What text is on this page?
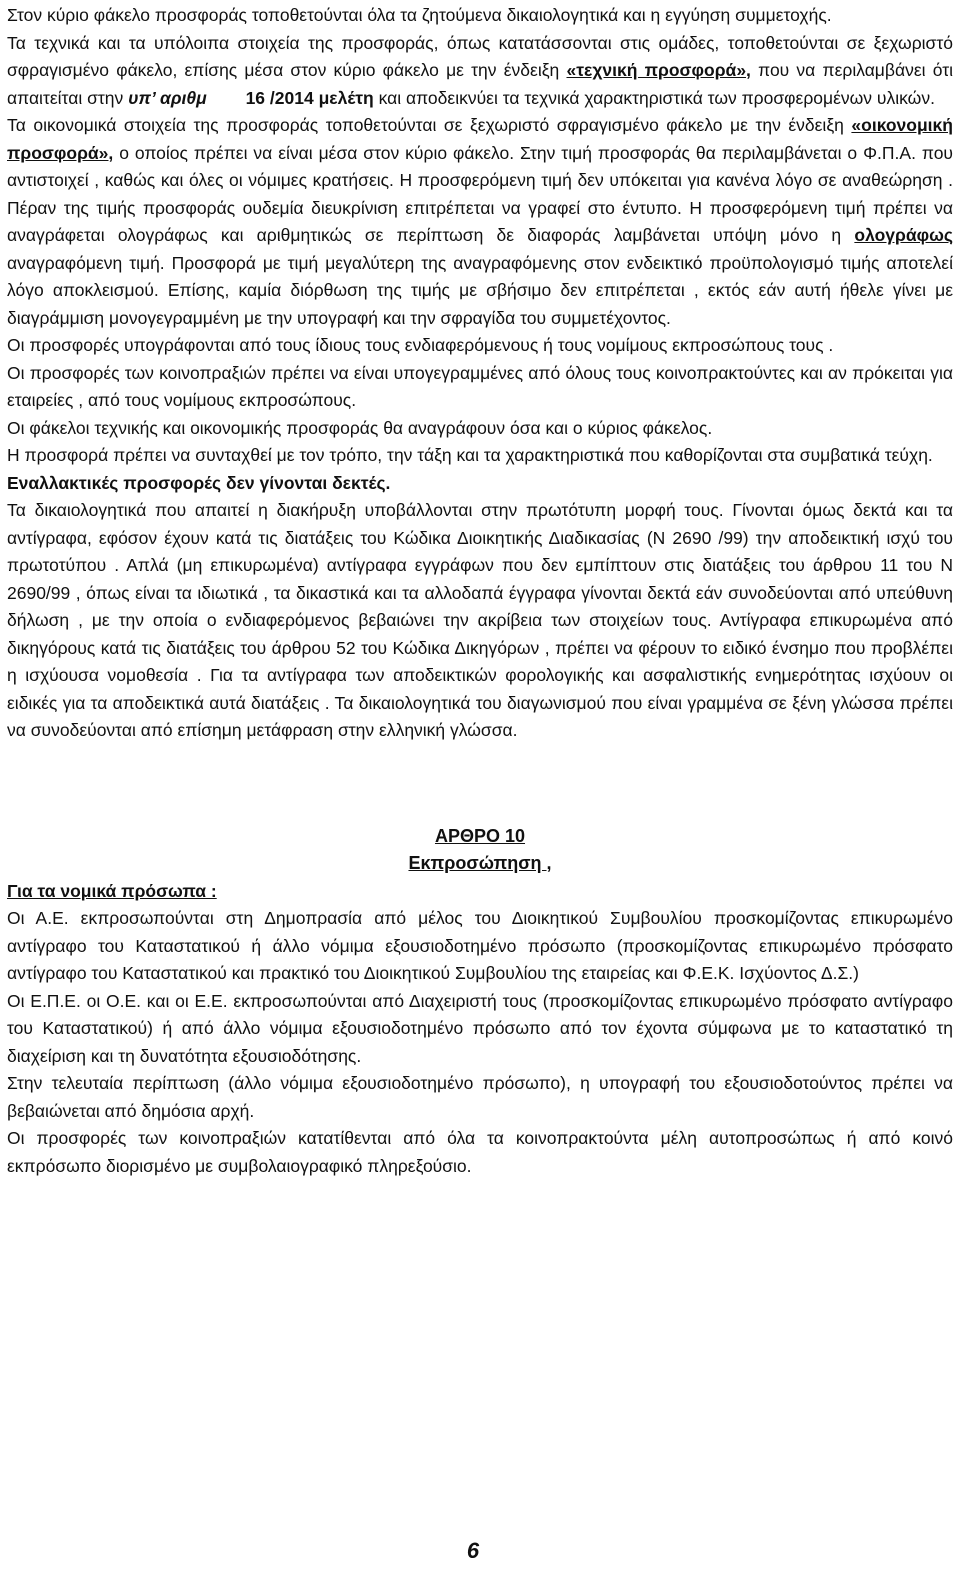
Στον κύριο φάκελο προσφοράς τοποθετούνται όλα τα ζητούμενα δικαιολογητικά και η εγγύηση συμμετοχής.

Τα τεχνικά και τα υπόλοιπα στοιχεία της προσφοράς, όπως κατατάσσονται στις ομάδες, τοποθετούνται σε ξεχωριστό σφραγισμένο φάκελο, επίσης μέσα στον κύριο φάκελο με την ένδειξη «τεχνική προσφορά», που να περιλαμβάνει ότι απαιτείται στην υπ’ αριθμ 16 /2014 μελέτη και αποδεικνύει τα τεχνικά χαρακτηριστικά των προσφερομένων υλικών.

Τα οικονομικά στοιχεία της προσφοράς τοποθετούνται σε ξεχωριστό σφραγισμένο φάκελο με την ένδειξη «οικονομική προσφορά», ο οποίος πρέπει να είναι μέσα στον κύριο φάκελο. Στην τιμή προσφοράς θα περιλαμβάνεται ο Φ.Π.Α. που αντιστοιχεί , καθώς και όλες οι νόμιμες κρατήσεις. Η προσφερόμενη τιμή δεν υπόκειται για κανένα λόγο σε αναθεώρηση . Πέραν της τιμής προσφοράς ουδεμία διευκρίνιση επιτρέπεται να γραφεί στο έντυπο. Η προσφερόμενη τιμή πρέπει να αναγράφεται ολογράφως και αριθμητικώς σε περίπτωση δε διαφοράς λαμβάνεται υπόψη μόνο η ολογράφως αναγραφόμενη τιμή. Προσφορά με τιμή μεγαλύτερη της αναγραφόμενης στον ενδεικτικό προϋπολογισμό τιμής αποτελεί λόγο αποκλεισμού. Επίσης, καμία διόρθωση της τιμής με σβήσιμο δεν επιτρέπεται , εκτός εάν αυτή ήθελε γίνει με διαγράμμιση μονογεγραμμένη με την υπογραφή και την σφραγίδα του συμμετέχοντος.

Οι προσφορές υπογράφονται από τους ίδιους τους ενδιαφερόμενους ή τους νομίμους εκπροσώπους τους .

Οι προσφορές των κοινοπραξιών πρέπει να είναι υπογεγραμμένες από όλους τους κοινοπρακτούντες και αν πρόκειται για εταιρείες , από τους νομίμους εκπροσώπους.

Οι φάκελοι τεχνικής και οικονομικής προσφοράς θα αναγράφουν όσα και ο κύριος φάκελος.

Η προσφορά πρέπει να συνταχθεί με τον τρόπο, την τάξη και τα χαρακτηριστικά που καθορίζονται στα συμβατικά τεύχη.

Εναλλακτικές προσφορές δεν γίνονται δεκτές.

Τα δικαιολογητικά που απαιτεί η διακήρυξη υποβάλλονται στην πρωτότυπη μορφή τους. Γίνονται όμως δεκτά και τα αντίγραφα, εφόσον έχουν κατά τις διατάξεις του Κώδικα Διοικητικής Διαδικασίας (Ν 2690 /99) την αποδεικτική ισχύ του πρωτοτύπου . Απλά (μη επικυρωμένα) αντίγραφα εγγράφων που δεν εμπίπτουν στις διατάξεις του άρθρου 11 του Ν 2690/99 , όπως είναι τα ιδιωτικά , τα δικαστικά και τα αλλοδαπά έγγραφα γίνονται δεκτά εάν συνοδεύονται από υπεύθυνη δήλωση , με την οποία ο ενδιαφερόμενος βεβαιώνει την ακρίβεια των στοιχείων τους. Αντίγραφα επικυρωμένα από δικηγόρους κατά τις διατάξεις του άρθρου 52 του Κώδικα Δικηγόρων , πρέπει να φέρουν το ειδικό ένσημο που προβλέπει η ισχύουσα νομοθεσία . Για τα αντίγραφα των αποδεικτικών φορολογικής και ασφαλιστικής ενημερότητας ισχύουν οι ειδικές για τα αποδεικτικά αυτά διατάξεις . Τα δικαιολογητικά του διαγωνισμού που είναι γραμμένα σε ξένη γλώσσα πρέπει να συνοδεύονται από επίσημη μετάφραση στην ελληνική γλώσσα.

ΑΡΘΡΟ 10

Εκπροσώπηση ,

Για τα νομικά πρόσωπα :

Οι Α.Ε. εκπροσωπούνται στη Δημοπρασία από μέλος του Διοικητικού Συμβουλίου προσκομίζοντας επικυρωμένο αντίγραφο του Καταστατικού ή άλλο νόμιμα εξουσιοδοτημένο πρόσωπο (προσκομίζοντας επικυρωμένο πρόσφατο αντίγραφο του Καταστατικού και πρακτικό του Διοικητικού Συμβουλίου της εταιρείας και Φ.Ε.Κ. Ισχύοντος Δ.Σ.)

Οι Ε.Π.Ε. οι Ο.Ε. και οι Ε.Ε. εκπροσωπούνται από Διαχειριστή τους (προσκομίζοντας επικυρωμένο πρόσφατο αντίγραφο του Καταστατικού) ή από άλλο νόμιμα εξουσιοδοτημένο πρόσωπο από τον έχοντα σύμφωνα με το καταστατικό τη διαχείριση και τη δυνατότητα εξουσιοδότησης.

Στην τελευταία περίπτωση (άλλο νόμιμα εξουσιοδοτημένο πρόσωπο), η υπογραφή του εξουσιοδοτούντος πρέπει να βεβαιώνεται από δημόσια αρχή.

Οι προσφορές των κοινοπραξιών κατατίθενται από όλα τα κοινοπρακτούντα μέλη αυτοπροσώπως ή από κοινό εκπρόσωπο διορισμένο με συμβολαιογραφικό πληρεξούσιο.

6
